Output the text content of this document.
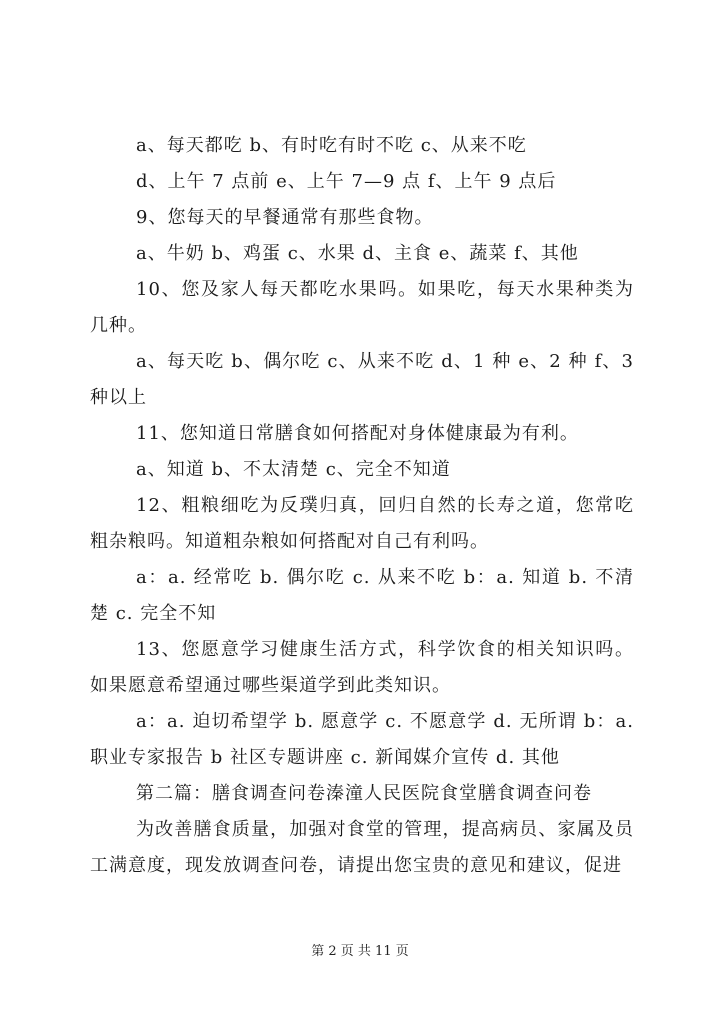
a、每天都吃 b、有时吃有时不吃 c、从来不吃

d、上午 7 点前 e、上午 7—9 点 f、上午 9 点后

9、您每天的早餐通常有那些食物。

a、牛奶 b、鸡蛋 c、水果 d、主食 e、蔬菜 f、其他

10、您及家人每天都吃水果吗。如果吃，每天水果种类为几种。

a、每天吃 b、偶尔吃 c、从来不吃 d、1 种 e、2 种 f、3 种以上

11、您知道日常膳食如何搭配对身体健康最为有利。

a、知道 b、不太清楚 c、完全不知道

12、粗粮细吃为反璞归真，回归自然的长寿之道，您常吃粗杂粮吗。知道粗杂粮如何搭配对自己有利吗。

a：a. 经常吃 b. 偶尔吃 c. 从来不吃 b：a. 知道 b. 不清楚 c. 完全不知

13、您愿意学习健康生活方式，科学饮食的相关知识吗。如果愿意希望通过哪些渠道学到此类知识。

a：a. 迫切希望学 b. 愿意学 c. 不愿意学 d. 无所谓 b：a. 职业专家报告 b 社区专题讲座 c. 新闻媒介宣传 d. 其他

第二篇：膳食调查问卷溱潼人民医院食堂膳食调查问卷

为改善膳食质量，加强对食堂的管理，提高病员、家属及员工满意度，现发放调查问卷，请提出您宝贵的意见和建议，促进

第 2 页 共 11 页
